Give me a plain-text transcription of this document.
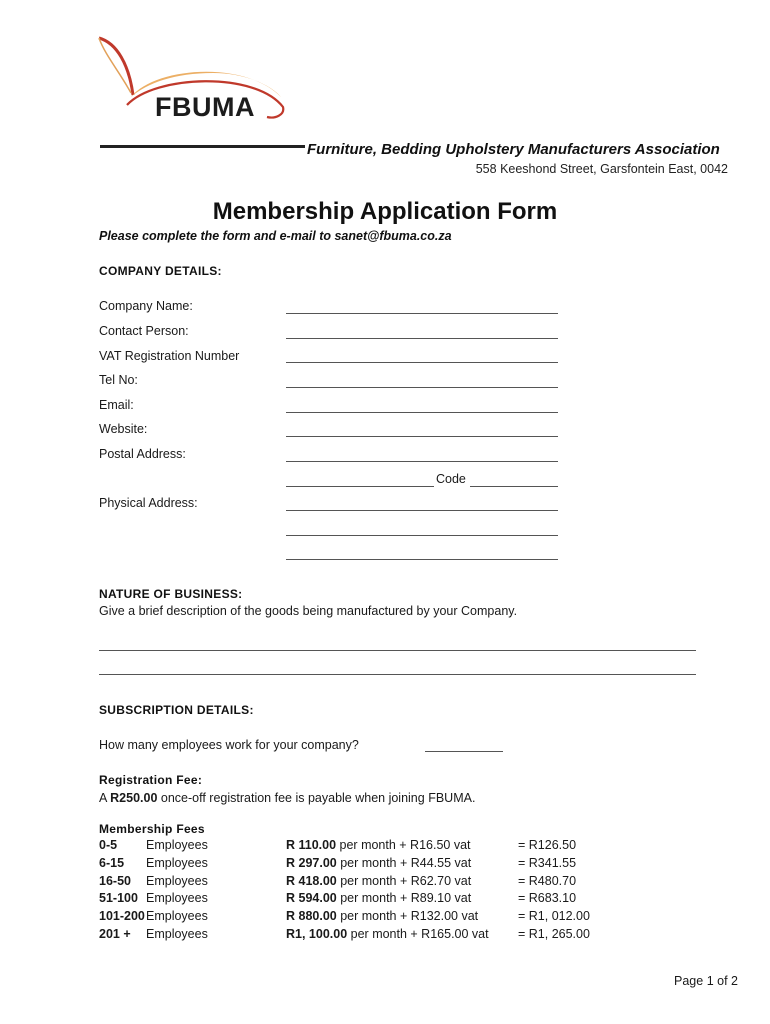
FBUMA
Furniture, Bedding Upholstery Manufacturers Association
558 Keeshond Street, Garsfontein East, 0042
Membership Application Form
Please complete the form and e-mail to sanet@fbuma.co.za
COMPANY DETAILS:
Company Name:
Contact Person:
VAT Registration Number
Tel No:
Email:
Website:
Postal Address:
Code
Physical Address:
NATURE OF BUSINESS:
Give a brief description of the goods being manufactured by your Company.
SUBSCRIPTION DETAILS:
How many employees work for your company?
Registration Fee:
A R250.00 once-off registration fee is payable when joining FBUMA.
Membership Fees
0-5	Employees	R 110.00 per month + R16.50 vat	= R126.50
6-15	Employees	R 297.00 per month + R44.55 vat	= R341.55
16-50	Employees	R 418.00 per month + R62.70 vat	= R480.70
51-100	Employees	R 594.00 per month + R89.10 vat	= R683.10
101-200	Employees	R 880.00 per month + R132.00 vat	= R1, 012.00
201 +	Employees	R1, 100.00 per month + R165.00 vat	= R1, 265.00
Page 1 of 2
